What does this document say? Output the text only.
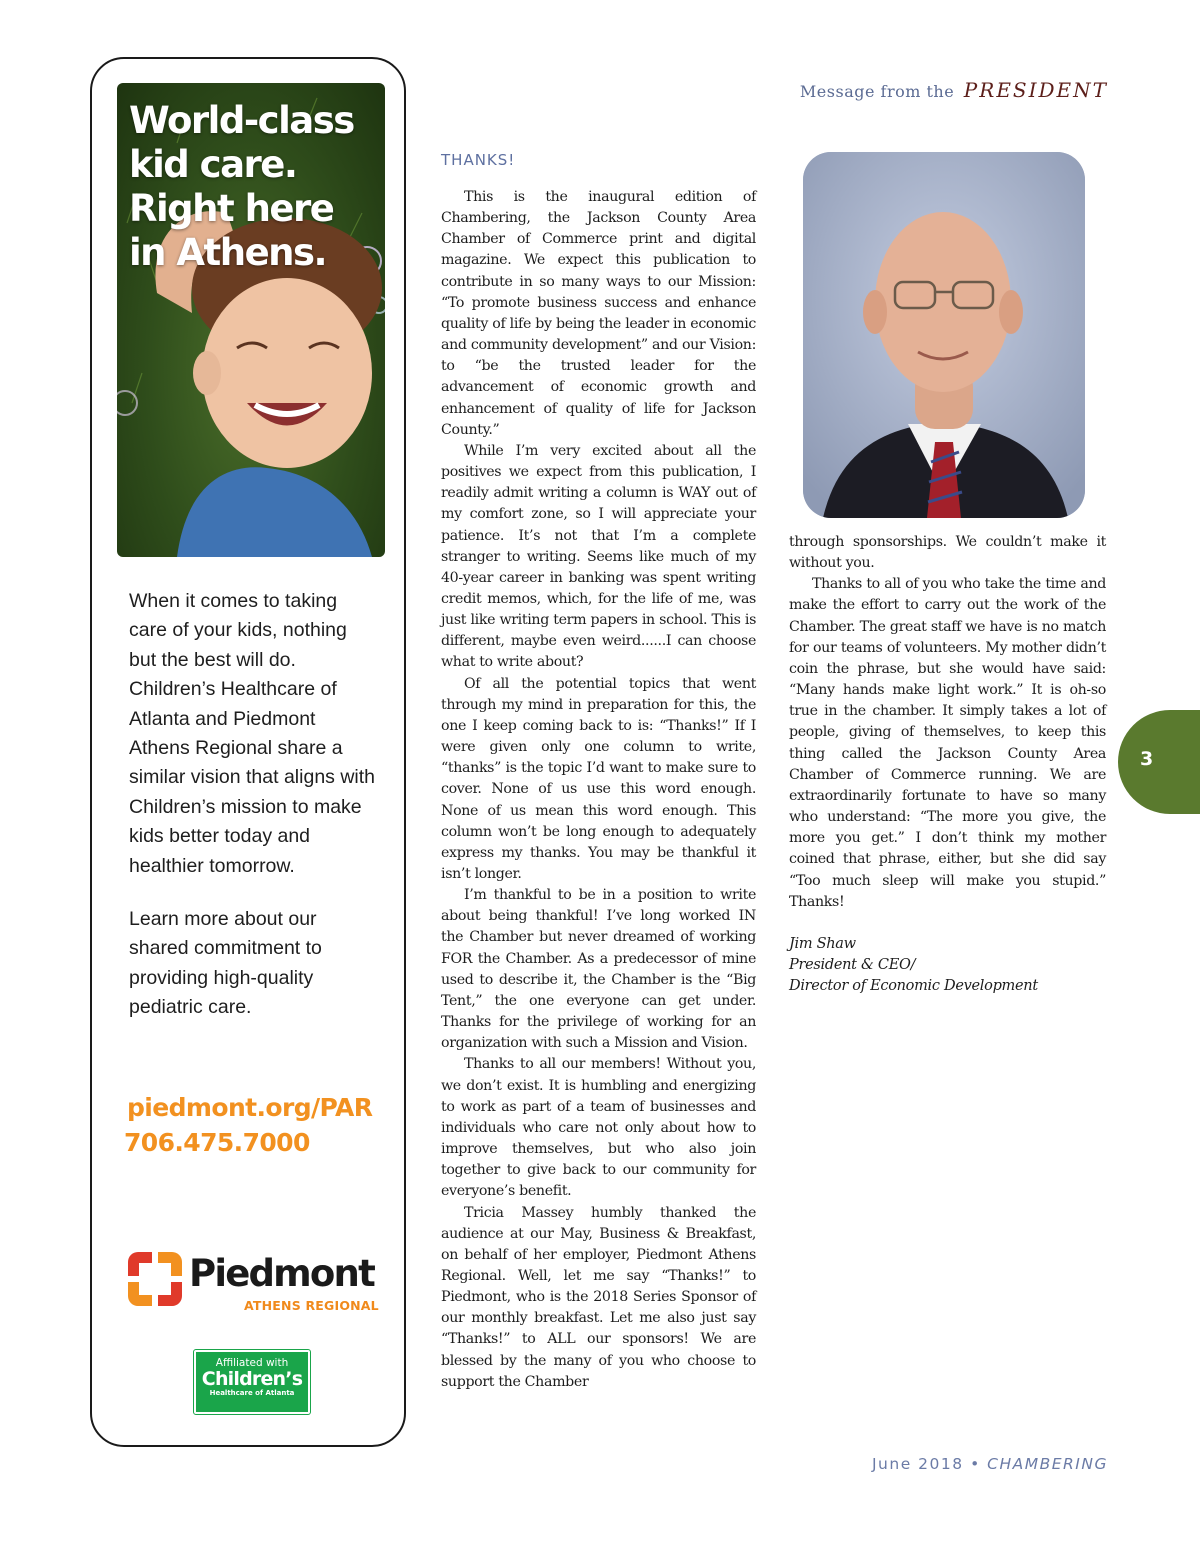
World-class
kid care.
Right here
in Athens.

When it comes to taking care of your kids, nothing but the best will do. Children’s Healthcare of Atlanta and Piedmont Athens Regional share a similar vision that aligns with Children’s mission to make kids better today and healthier tomorrow.

Learn more about our shared commitment to providing high-quality pediatric care.

piedmont.org/PAR
706.475.7000
Piedmont
ATHENS REGIONAL
Affiliated with
Children’s
Healthcare of Atlanta
Message from the PRESIDENT
THANKS!

This is the inaugural edition of Chambering, the Jackson County Area Chamber of Commerce print and digital magazine. We expect this publication to contribute in so many ways to our Mission: “To promote business success and enhance quality of life by being the leader in economic and community development” and our Vision: to “be the trusted leader for the advancement of economic growth and enhancement of quality of life for Jackson County.”

While I’m very excited about all the positives we expect from this publication, I readily admit writing a column is WAY out of my comfort zone, so I will appreciate your patience. It’s not that I’m a complete stranger to writing. Seems like much of my 40-year career in banking was spent writing credit memos, which, for the life of me, was just like writing term papers in school. This is different, maybe even weird......I can choose what to write about?

Of all the potential topics that went through my mind in preparation for this, the one I keep coming back to is: “Thanks!” If I were given only one column to write, “thanks” is the topic I’d want to make sure to cover. None of us use this word enough. None of us mean this word enough. This column won’t be long enough to adequately express my thanks. You may be thankful it isn’t longer.

I’m thankful to be in a position to write about being thankful! I’ve long worked IN the Chamber but never dreamed of working FOR the Chamber. As a predecessor of mine used to describe it, the Chamber is the “Big Tent,” the one everyone can get under. Thanks for the privilege of working for an organization with such a Mission and Vision.

Thanks to all our members! Without you, we don’t exist. It is humbling and energizing to work as part of a team of businesses and individuals who care not only about how to improve themselves, but who also join together to give back to our community for everyone’s benefit.

Tricia Massey humbly thanked the audience at our May, Business & Breakfast, on behalf of her employer, Piedmont Athens Regional. Well, let me say “Thanks!” to Piedmont, who is the 2018 Series Sponsor of our monthly breakfast. Let me also just say “Thanks!” to ALL our sponsors! We are blessed by the many of you who choose to support the Chamber

through sponsorships. We couldn’t make it without you.

Thanks to all of you who take the time and make the effort to carry out the work of the Chamber. The great staff we have is no match for our teams of volunteers. My mother didn’t coin the phrase, but she would have said: “Many hands make light work.” It is oh-so true in the chamber. It simply takes a lot of people, giving of themselves, to keep this thing called the Jackson County Area Chamber of Commerce running. We are extraordinarily fortunate to have so many who understand: “The more you give, the more you get.” I don’t think my mother coined that phrase, either, but she did say “Too much sleep will make you stupid.” Thanks!

Jim Shaw
President & CEO/
Director of Economic Development
3
June 2018 • CHAMBERING
